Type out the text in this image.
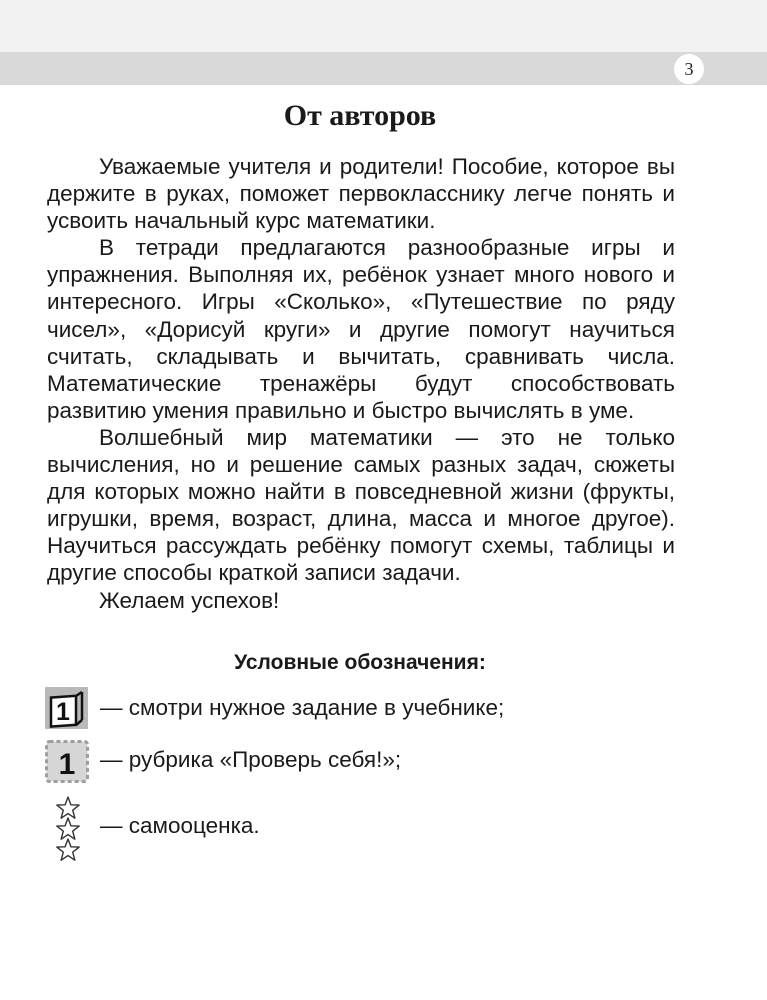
3
От авторов

Уважаемые учителя и родители! Пособие, которое вы держите в руках, поможет первокласснику легче понять и усвоить начальный курс математики.

В тетради предлагаются разнообразные игры и упражнения. Выполняя их, ребёнок узнает много нового и интересного. Игры «Сколько», «Путешествие по ряду чисел», «Дорисуй круги» и другие помогут научиться считать, складывать и вычитать, сравнивать числа. Математические тренажёры будут способствовать развитию умения правильно и быстро вычислять в уме.

Волшебный мир математики — это не только вычисления, но и решение самых разных задач, сюжеты для которых можно найти в повседневной жизни (фрукты, игрушки, время, возраст, длина, масса и многое другое). Научиться рассуждать ребёнку помогут схемы, таблицы и другие способы краткой записи задачи.

Желаем успехов!

Условные обозначения:
1 — смотри нужное задание в учебнике;
1 — рубрика «Проверь себя!»;
— самооценка.
